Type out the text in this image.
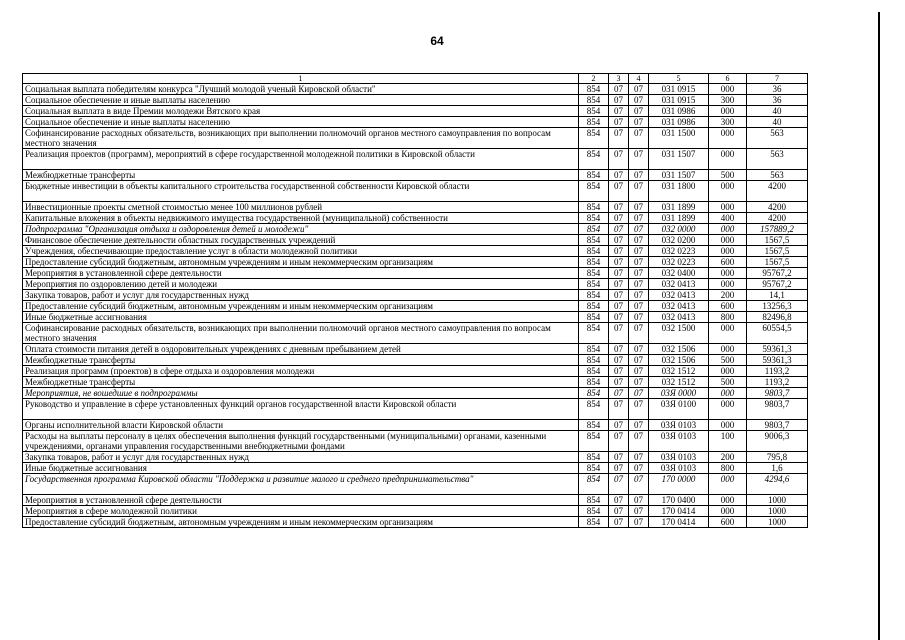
64
1	2	3	4	5	6	7
Социальная выплата победителям конкурса "Лучший молодой ученый Кировской области"	854	07	07	031 0915	000	36
Социальное обеспечение и иные выплаты населению	854	07	07	031 0915	300	36
Социальная выплата в виде Премии молодежи Вятского края	854	07	07	031 0986	000	40
Социальное обеспечение и иные выплаты населению	854	07	07	031 0986	300	40
Софинансирование расходных обязательств, возникающих при выполнении полномочий органов местного самоуправления по вопросам местного значения	854	07	07	031 1500	000	563
Реализация проектов (программ), мероприятий в сфере государственной молодежной политики в Кировской области	854	07	07	031 1507	000	563
Межбюджетные трансферты	854	07	07	031 1507	500	563
Бюджетные инвестиции в объекты капитального строительства государственной собственности Кировской области	854	07	07	031 1800	000	4200
Инвестиционные проекты сметной стоимостью менее 100 миллионов рублей	854	07	07	031 1899	000	4200
Капитальные вложения в объекты недвижимого имущества государственной (муниципальной) собственности	854	07	07	031 1899	400	4200
Подпрограмма "Организация отдыха и оздоровления детей и молодежи"	854	07	07	032 0000	000	157889,2
Финансовое обеспечение деятельности областных государственных учреждений	854	07	07	032 0200	000	1567,5
Учреждения, обеспечивающие предоставление услуг в области молодежной политики	854	07	07	032 0223	000	1567,5
Предоставление субсидий бюджетным, автономным учреждениям и иным некоммерческим организациям	854	07	07	032 0223	600	1567,5
Мероприятия в установленной сфере деятельности	854	07	07	032 0400	000	95767,2
Мероприятия по оздоровлению детей и молодежи	854	07	07	032 0413	000	95767,2
Закупка товаров, работ и услуг для государственных нужд	854	07	07	032 0413	200	14,1
Предоставление субсидий бюджетным, автономным учреждениям и иным некоммерческим организациям	854	07	07	032 0413	600	13256,3
Иные бюджетные ассигнования	854	07	07	032 0413	800	82496,8
Софинансирование расходных обязательств, возникающих при выполнении полномочий органов местного самоуправления по вопросам местного значения	854	07	07	032 1500	000	60554,5
Оплата стоимости питания детей в оздоровительных учреждениях с дневным пребыванием детей	854	07	07	032 1506	000	59361,3
Межбюджетные трансферты	854	07	07	032 1506	500	59361,3
Реализация программ (проектов) в сфере отдыха и оздоровления молодежи	854	07	07	032 1512	000	1193,2
Межбюджетные трансферты	854	07	07	032 1512	500	1193,2
Мероприятия, не вошедшие в подпрограммы	854	07	07	03Я 0000	000	9803,7
Руководство и управление в сфере установленных функций органов государственной власти Кировской области	854	07	07	03Я 0100	000	9803,7
Органы исполнительной власти Кировской области	854	07	07	03Я 0103	000	9803,7
Расходы на выплаты персоналу в целях обеспечения выполнения функций государственными (муниципальными) органами, казенными учреждениями, органами управления государственными внебюджетными фондами	854	07	07	03Я 0103	100	9006,3
Закупка товаров, работ и услуг для государственных нужд	854	07	07	03Я 0103	200	795,8
Иные бюджетные ассигнования	854	07	07	03Я 0103	800	1,6
Государственная программа Кировской области "Поддержка и развитие малого и среднего предпринимательства"	854	07	07	170 0000	000	4294,6
Мероприятия в установленной сфере деятельности	854	07	07	170 0400	000	1000
Мероприятия в сфере молодежной политики	854	07	07	170 0414	000	1000
Предоставление субсидий бюджетным, автономным учреждениям и иным некоммерческим организациям	854	07	07	170 0414	600	1000
